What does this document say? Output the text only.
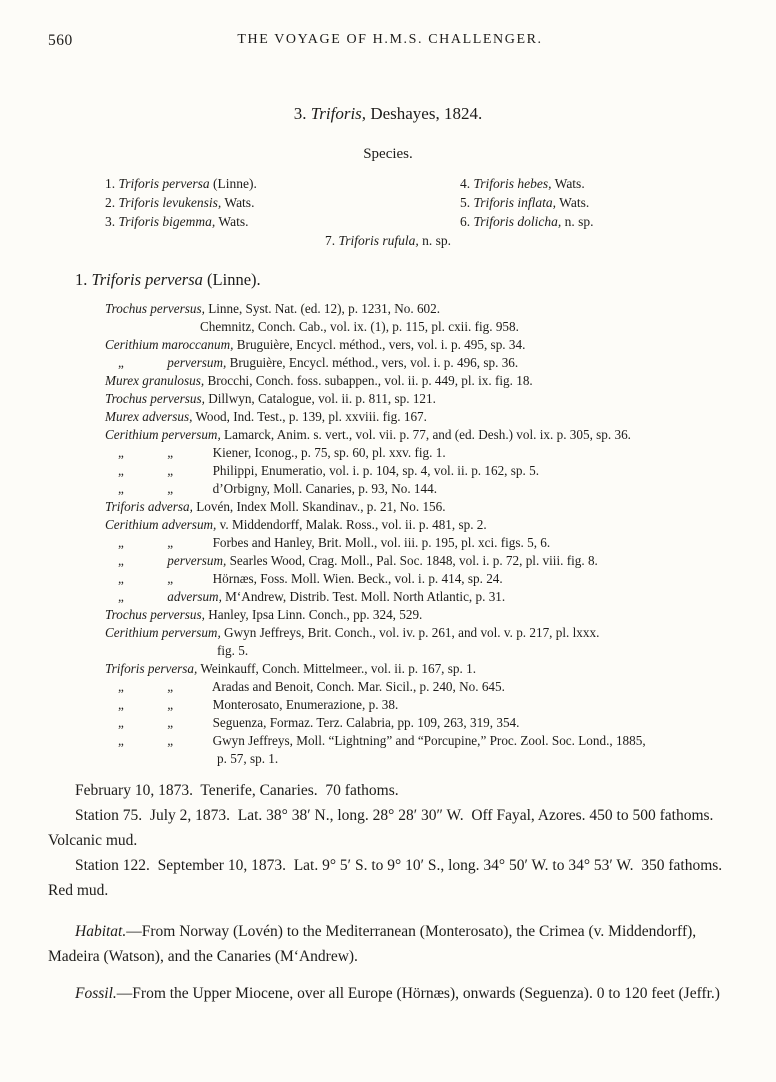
560	THE VOYAGE OF H.M.S. CHALLENGER.
3. Triforis, Deshayes, 1824.
Species.
1. Triforis perversa (Linne).
2. Triforis levukensis, Wats.
3. Triforis bigemma, Wats.
4. Triforis hebes, Wats.
5. Triforis inflata, Wats.
6. Triforis dolicha, n. sp.
7. Triforis rufula, n. sp.
1. Triforis perversa (Linne).
Trochus perversus, Linne, Syst. Nat. (ed. 12), p. 1231, No. 602.
Chemnitz, Conch. Cab., vol. ix. (1), p. 115, pl. cxii. fig. 958.
Cerithium maroccanum, Bruguière, Encycl. méthod., vers, vol. i. p. 495, sp. 34.
„	perversum, Bruguière, Encycl. méthod., vers, vol. i. p. 496, sp. 36.
Murex granulosus, Brocchi, Conch. foss. subappen., vol. ii. p. 449, pl. ix. fig. 18.
Trochus perversus, Dillwyn, Catalogue, vol. ii. p. 811, sp. 121.
Murex adversus, Wood, Ind. Test., p. 139, pl. xxviii. fig. 167.
Cerithium perversum, Lamarck, Anim. s. vert., vol. vii. p. 77, and (ed. Desh.) vol. ix. p. 305, sp. 36.
„	„	Kiener, Iconog., p. 75, sp. 60, pl. xxv. fig. 1.
„	„	Philippi, Enumeratio, vol. i. p. 104, sp. 4, vol. ii. p. 162, sp. 5.
„	„	d’Orbigny, Moll. Canaries, p. 93, No. 144.
Triforis adversa, Lovén, Index Moll. Skandinav., p. 21, No. 156.
Cerithium adversum, v. Middendorff, Malak. Ross., vol. ii. p. 481, sp. 2.
„	„	Forbes and Hanley, Brit. Moll., vol. iii. p. 195, pl. xci. figs. 5, 6.
„	perversum, Searles Wood, Crag. Moll., Pal. Soc. 1848, vol. i. p. 72, pl. viii. fig. 8.
„	„	Hörnæs, Foss. Moll. Wien. Beck., vol. i. p. 414, sp. 24.
„	adversum, M‘Andrew, Distrib. Test. Moll. North Atlantic, p. 31.
Trochus perversus, Hanley, Ipsa Linn. Conch., pp. 324, 529.
Cerithium perversum, Gwyn Jeffreys, Brit. Conch., vol. iv. p. 261, and vol. v. p. 217, pl. lxxx.
fig. 5.
Triforis perversa, Weinkauff, Conch. Mittelmeer., vol. ii. p. 167, sp. 1.
„	„	Aradas and Benoit, Conch. Mar. Sicil., p. 240, No. 645.
„	„	Monterosato, Enumerazione, p. 38.
„	„	Seguenza, Formaz. Terz. Calabria, pp. 109, 263, 319, 354.
„	„	Gwyn Jeffreys, Moll. “Lightning” and “Porcupine,” Proc. Zool. Soc. Lond., 1885,
p. 57, sp. 1.

February 10, 1873.  Tenerife, Canaries.  70 fathoms.

Station 75.  July 2, 1873.  Lat. 38° 38′ N., long. 28° 28′ 30″ W.  Off Fayal, Azores. 450 to 500 fathoms.  Volcanic mud.

Station 122.  September 10, 1873.  Lat. 9° 5′ S. to 9° 10′ S., long. 34° 50′ W. to 34° 53′ W.  350 fathoms.  Red mud.

Habitat.—From Norway (Lovén) to the Mediterranean (Monterosato), the Crimea (v. Middendorff), Madeira (Watson), and the Canaries (M‘Andrew).

Fossil.—From the Upper Miocene, over all Europe (Hörnæs), onwards (Seguenza). 0 to 120 feet (Jeffr.)
